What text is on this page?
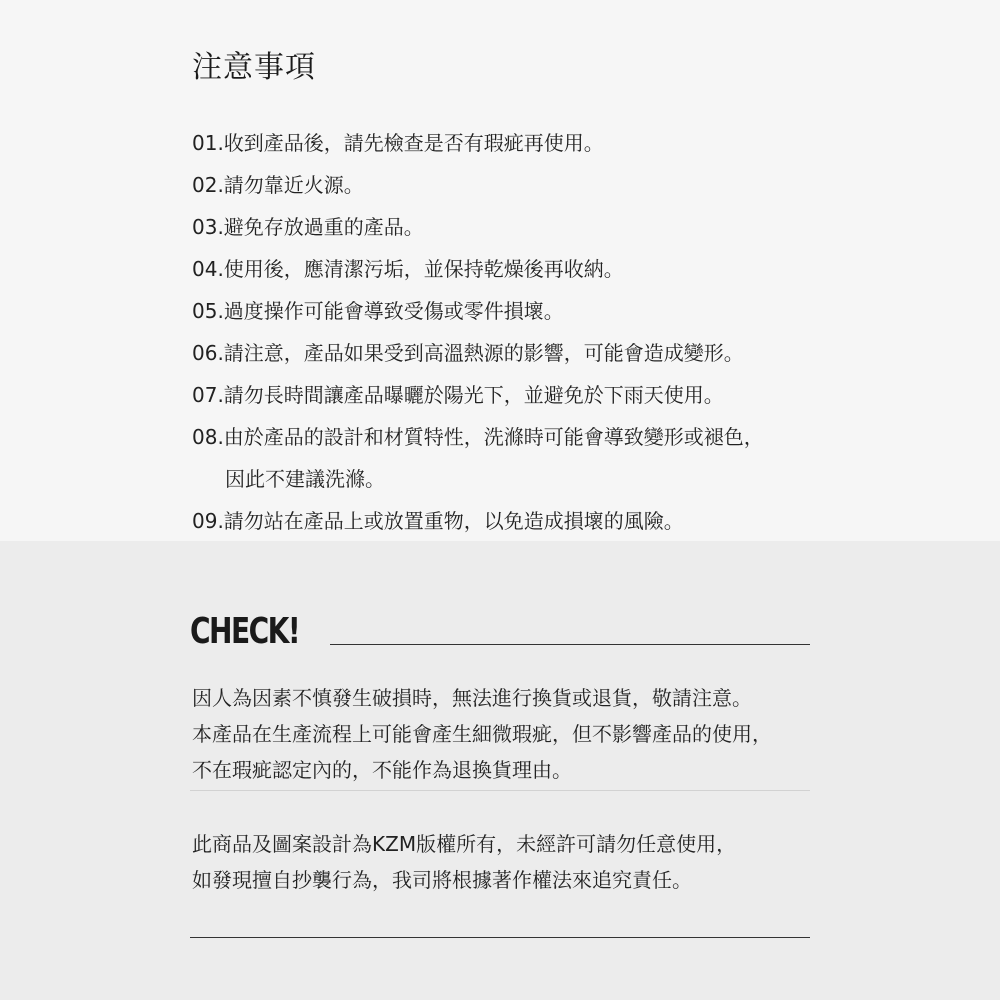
注意事項
01.收到產品後，請先檢查是否有瑕疵再使用。
02.請勿靠近火源。
03.避免存放過重的產品。
04.使用後，應清潔污垢，並保持乾燥後再收納。
05.過度操作可能會導致受傷或零件損壞。
06.請注意，產品如果受到高溫熱源的影響，可能會造成變形。
07.請勿長時間讓產品曝曬於陽光下，並避免於下雨天使用。
08.由於產品的設計和材質特性，洗滌時可能會導致變形或褪色，
因此不建議洗滌。
09.請勿站在產品上或放置重物，以免造成損壞的風險。
CHECK!
因人為因素不慎發生破損時，無法進行換貨或退貨，敬請注意。
本產品在生產流程上可能會產生細微瑕疵，但不影響產品的使用，
不在瑕疵認定內的，不能作為退換貨理由。
此商品及圖案設計為KZM版權所有，未經許可請勿任意使用，
如發現擅自抄襲行為，我司將根據著作權法來追究責任。
